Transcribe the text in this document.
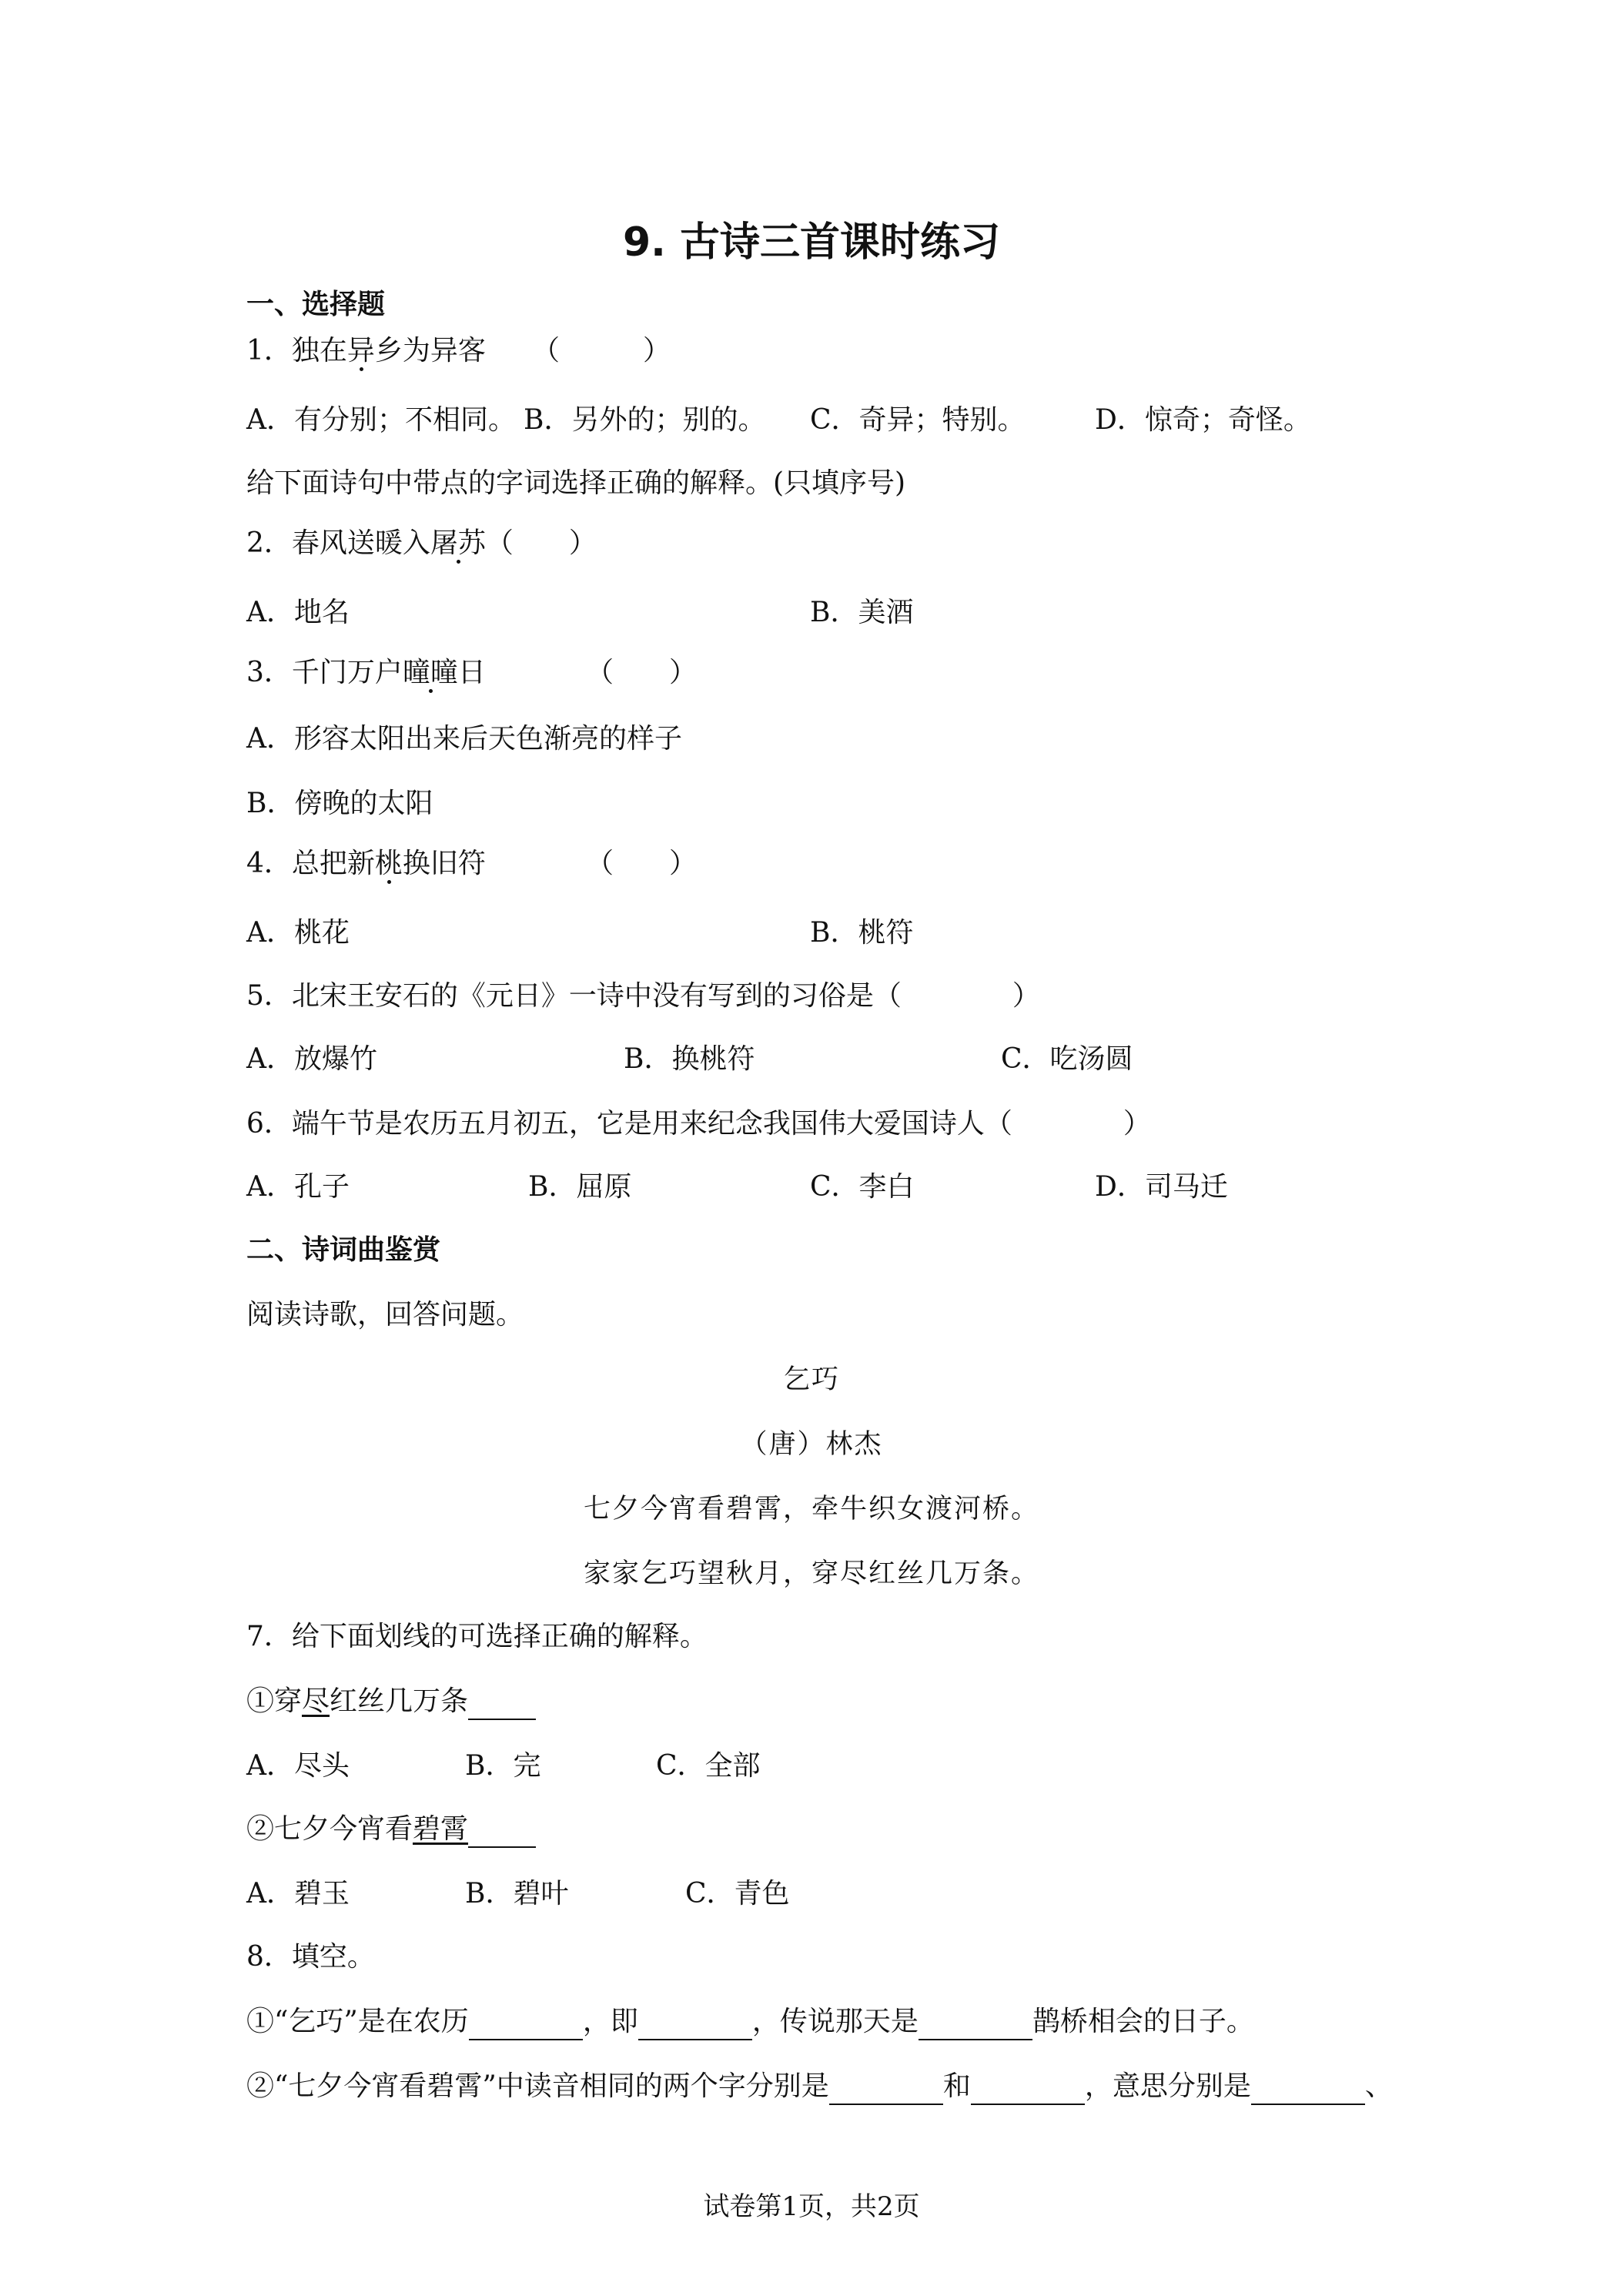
9. 古诗三首课时练习
一、选择题
1．独在异乡为异客 （　　　）
A．有分别；不相同。 B．另外的；别的。 C．奇异；特别。	D．惊奇；奇怪。
给下面诗句中带点的字词选择正确的解释。(只填序号)
2．春风送暖入屠苏（　　）
A．地名	B．美酒
3．千门万户曈曈日	（　　）
A．形容太阳出来后天色渐亮的样子
B．傍晚的太阳
4．总把新桃换旧符	（　　）
A．桃花	B．桃符
5．北宋王安石的《元日》一诗中没有写到的习俗是（　　　　）
A．放爆竹	B．换桃符	C．吃汤圆
6．端午节是农历五月初五，它是用来纪念我国伟大爱国诗人（　　　　）
A．孔子	B．屈原	C．李白	D．司马迁
二、诗词曲鉴赏
阅读诗歌，回答问题。
乞巧
（唐）林杰
七夕今宵看碧霄，牵牛织女渡河桥。
家家乞巧望秋月，穿尽红丝几万条。
7．给下面划线的可选择正确的解释。
①穿尽红丝几万条
A．尽头	B．完	C．全部
②七夕今宵看碧霄
A．碧玉	B．碧叶	C．青色
8．填空。
①“乞巧”是在农历	，即	，传说那天是	鹊桥相会的日子。
②“七夕今宵看碧霄”中读音相同的两个字分别是	和	，意思分别是	、
试卷第1页，共2页
